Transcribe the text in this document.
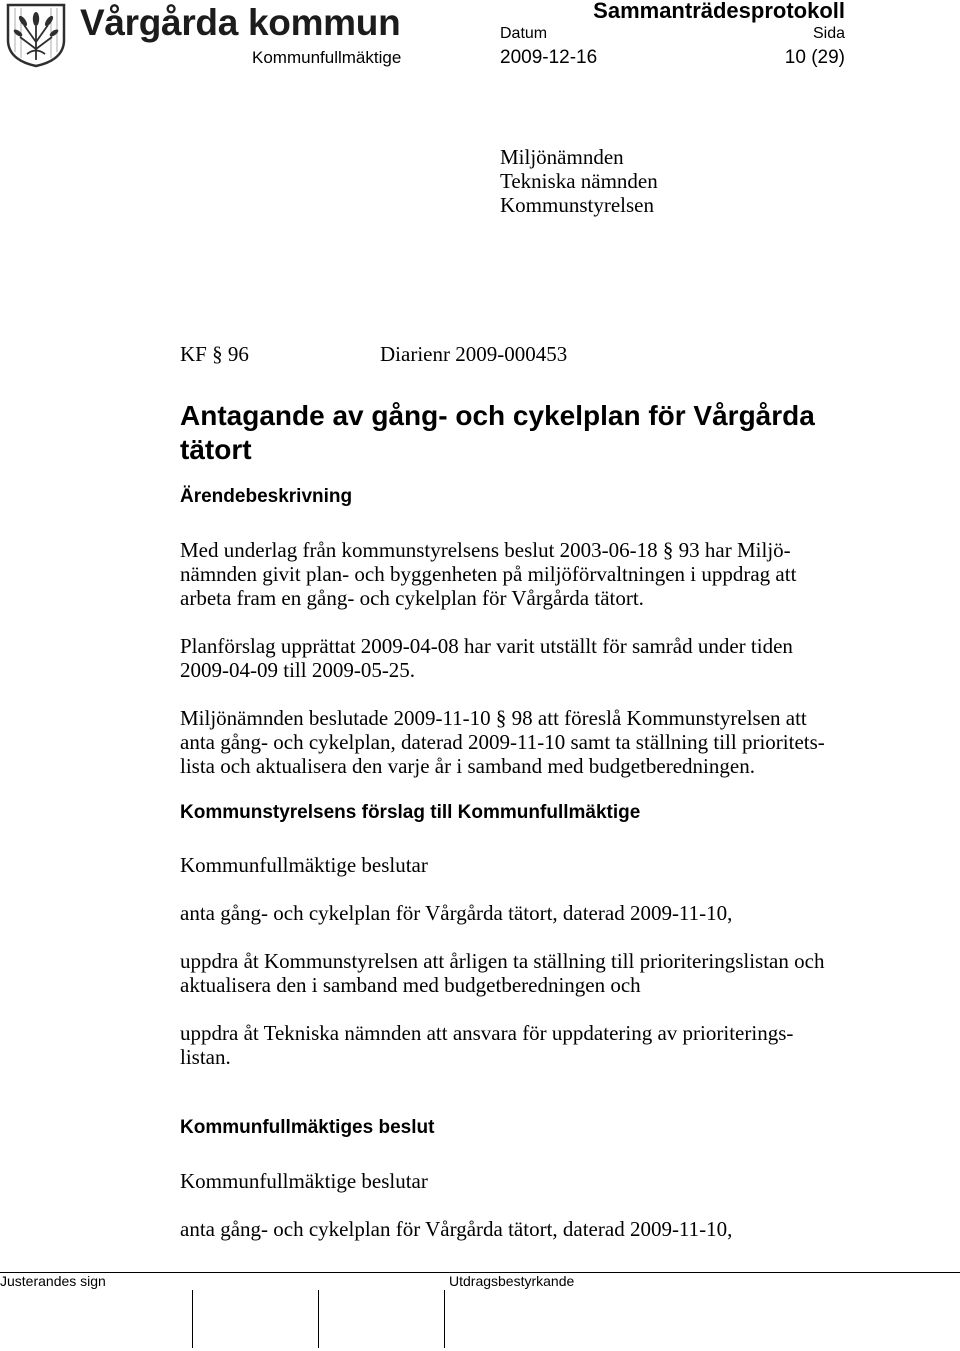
Vårgårda kommun
Kommunfullmäktige
Sammanträdesprotokoll
Datum	Sida
2009-12-16	10 (29)
Miljönämnden
Tekniska nämnden
Kommunstyrelsen
KF § 96	Diarienr 2009-000453
Antagande av gång- och cykelplan för Vårgårda
tätort
Ärendebeskrivning
Med underlag från kommunstyrelsens beslut 2003-06-18 § 93 har Miljö-
nämnden givit plan- och byggenheten på miljöförvaltningen i uppdrag att
arbeta fram en gång- och cykelplan för Vårgårda tätort.
Planförslag upprättat 2009-04-08 har varit utställt för samråd under tiden
2009-04-09 till 2009-05-25.
Miljönämnden beslutade 2009-11-10 § 98 att föreslå Kommunstyrelsen att
anta gång- och cykelplan, daterad 2009-11-10 samt ta ställning till prioritets-
lista och aktualisera den varje år i samband med budgetberedningen.
Kommunstyrelsens förslag till Kommunfullmäktige
Kommunfullmäktige beslutar
anta gång- och cykelplan för Vårgårda tätort, daterad 2009-11-10,
uppdra åt Kommunstyrelsen att årligen ta ställning till prioriteringslistan och
aktualisera den i samband med budgetberedningen och
uppdra åt Tekniska nämnden att ansvara för uppdatering av prioriterings-
listan.
Kommunfullmäktiges beslut
Kommunfullmäktige beslutar
anta gång- och cykelplan för Vårgårda tätort, daterad 2009-11-10,
Justerandes sign	Utdragsbestyrkande
